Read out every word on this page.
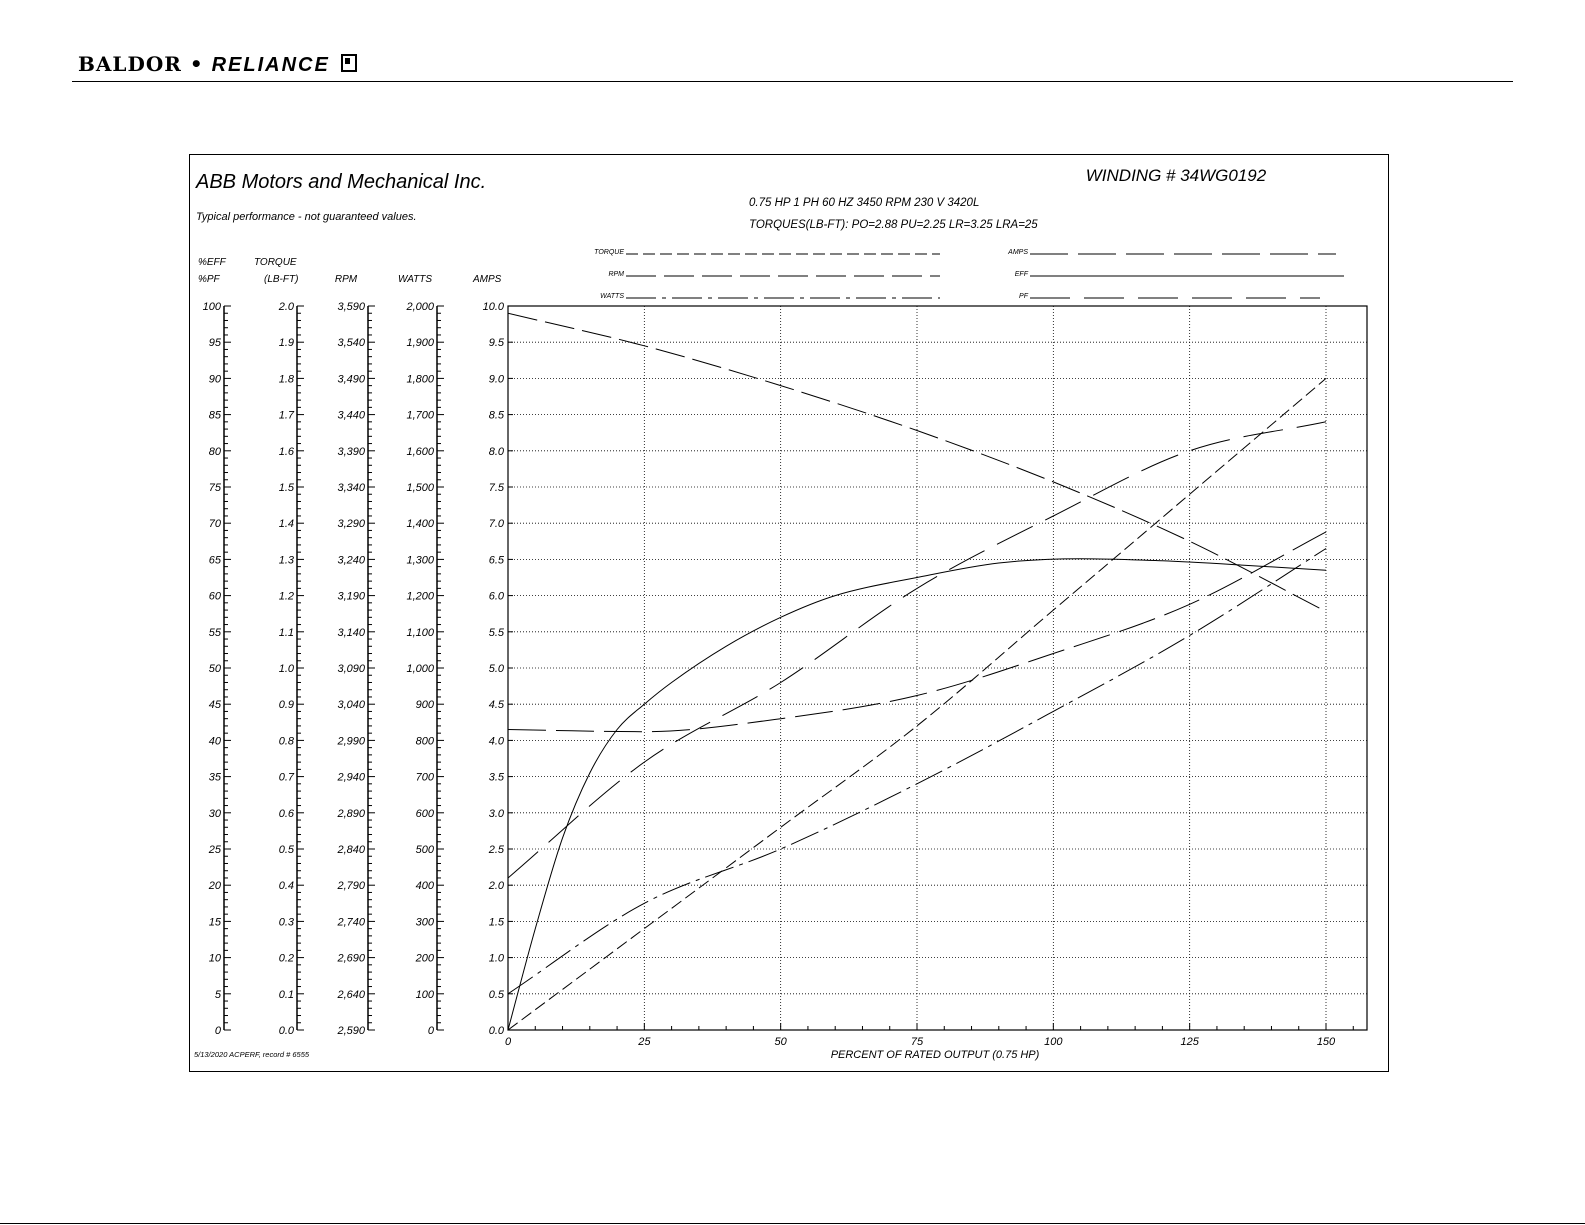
BALDOR • RELIANCE
ABB Motors and Mechanical Inc.
Typical performance - not guaranteed values.
WINDING # 34WG0192
0.75 HP 1 PH 60 HZ 3450 RPM 230 V 3420L
TORQUES(LB-FT): PO=2.88 PU=2.25 LR=3.25 LRA=25
TORQUE
RPM
WATTS
AMPS
EFF
PF
%EFF
%PF
0
5
10
15
20
25
30
35
40
45
50
55
60
65
70
75
80
85
90
95
100
TORQUE
(LB-FT)
0.0
0.1
0.2
0.3
0.4
0.5
0.6
0.7
0.8
0.9
1.0
1.1
1.2
1.3
1.4
1.5
1.6
1.7
1.8
1.9
2.0
RPM
2,590
2,640
2,690
2,740
2,790
2,840
2,890
2,940
2,990
3,040
3,090
3,140
3,190
3,240
3,290
3,340
3,390
3,440
3,490
3,540
3,590
WATTS
0
100
200
300
400
500
600
700
800
900
1,000
1,100
1,200
1,300
1,400
1,500
1,600
1,700
1,800
1,900
2,000
AMPS
0.0
0.5
1.0
1.5
2.0
2.5
3.0
3.5
4.0
4.5
5.0
5.5
6.0
6.5
7.0
7.5
8.0
8.5
9.0
9.5
10.0
0	25	50	75	100	125	150
PERCENT OF RATED OUTPUT (0.75 HP)
5/13/2020 ACPERF, record # 6555
